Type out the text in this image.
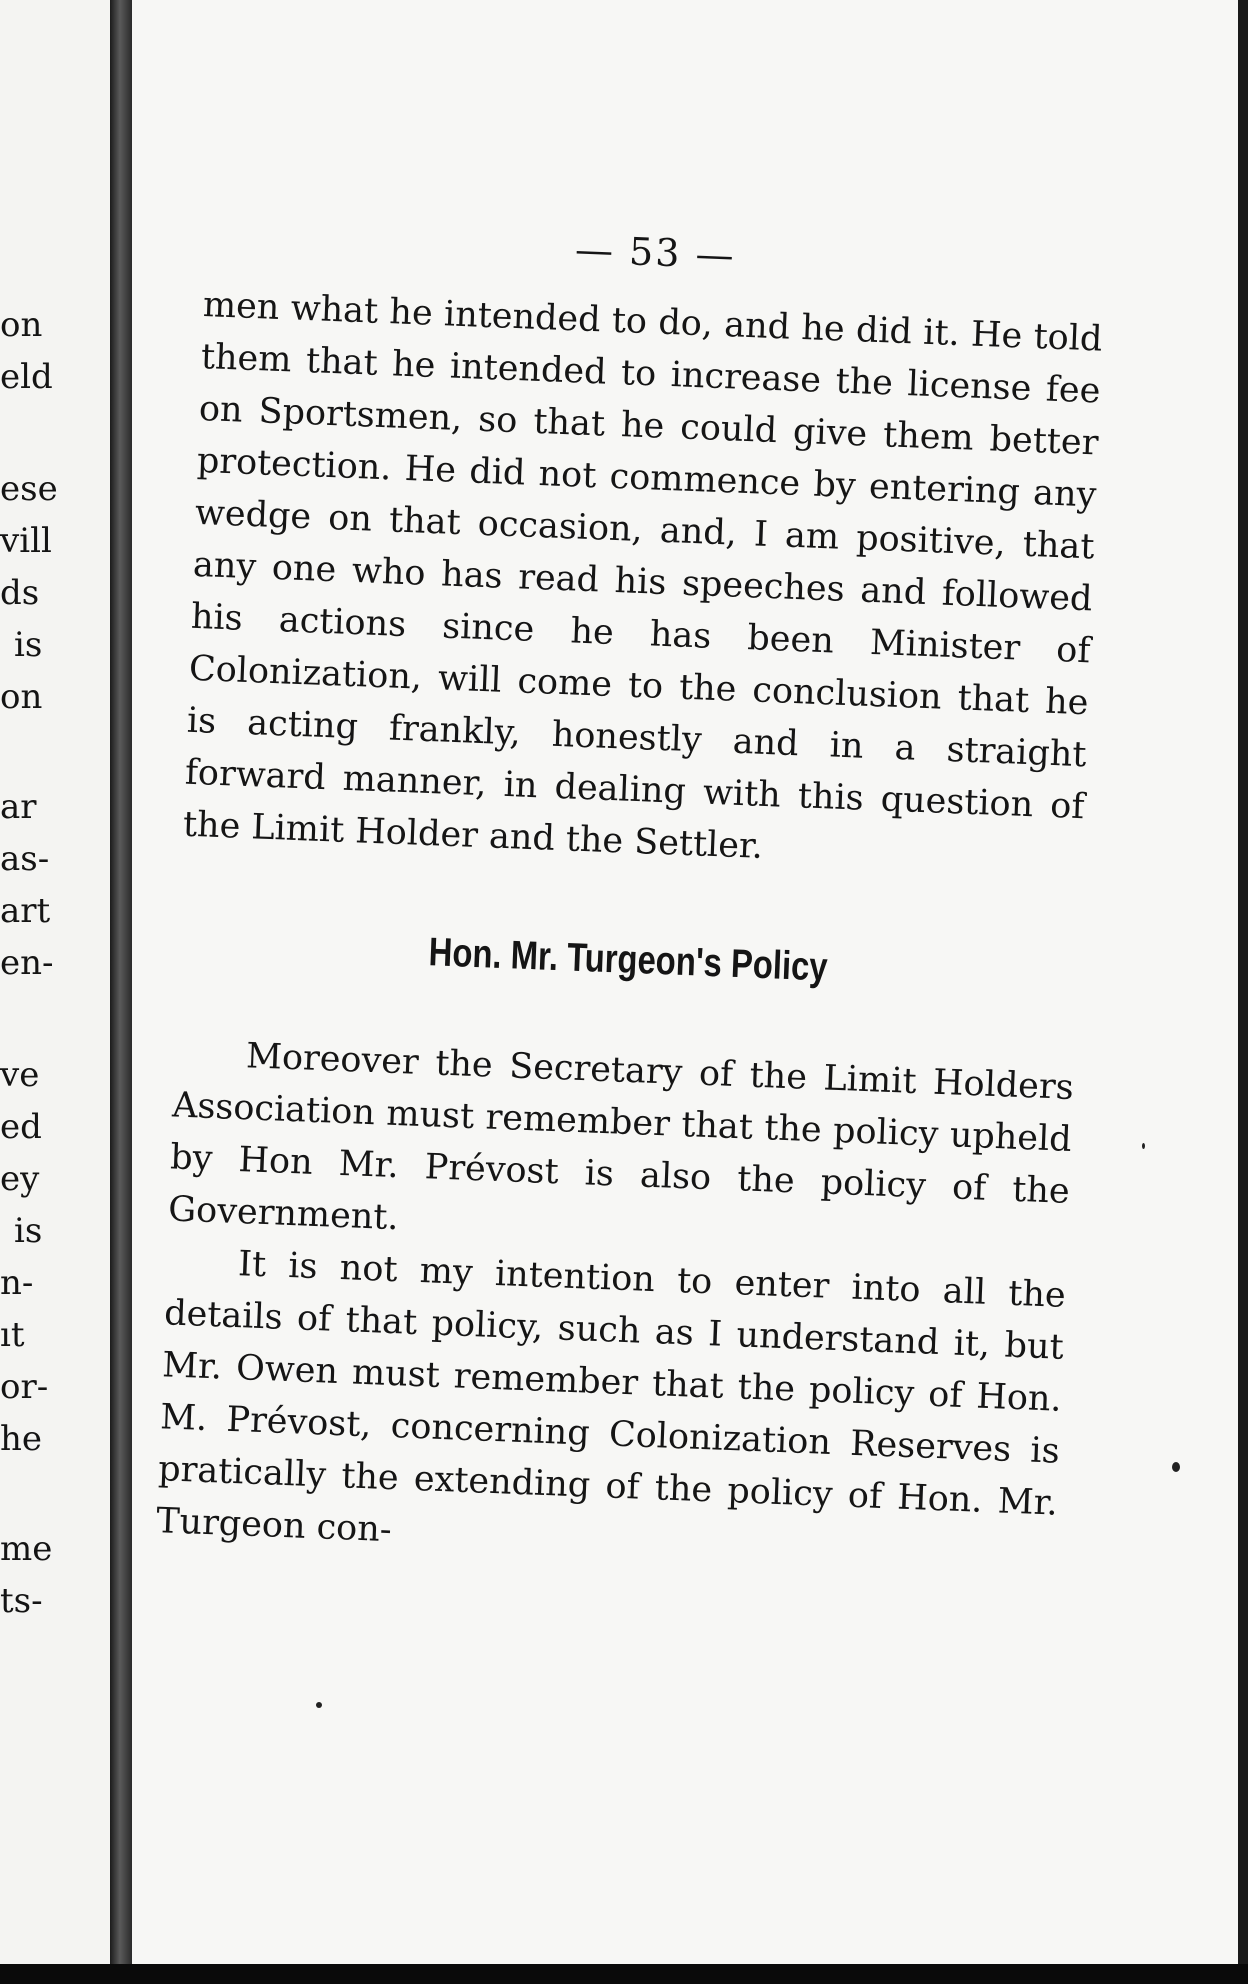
on
eld
ese
vill
ds
is
on
ar
as-
art
en-
ve
ed
ey
is
n-
ıt
or-
he
me
ts-
— 53 —

men what he intended to do, and he did it. He told them that he intended to increase the license fee on Sportsmen, so that he could give them better protection. He did not commence by entering any wedge on that occasion, and, I am positive, that any one who has read his speeches and followed his actions since he has been Minister of Colonization, will come to the conclusion that he is acting frankly, honestly and in a straight forward manner, in dealing with this question of the Limit Holder and the Settler.

Hon. Mr. Turgeon's Policy

Moreover the Secretary of the Limit Holders Association must remember that the policy upheld by Hon Mr. Prévost is also the policy of the Government.

It is not my intention to enter into all the details of that policy, such as I understand it, but Mr. Owen must remember that the policy of Hon. M. Prévost, concerning Colonization Reserves is pratically the extending of the policy of Hon. Mr. Turgeon con-
